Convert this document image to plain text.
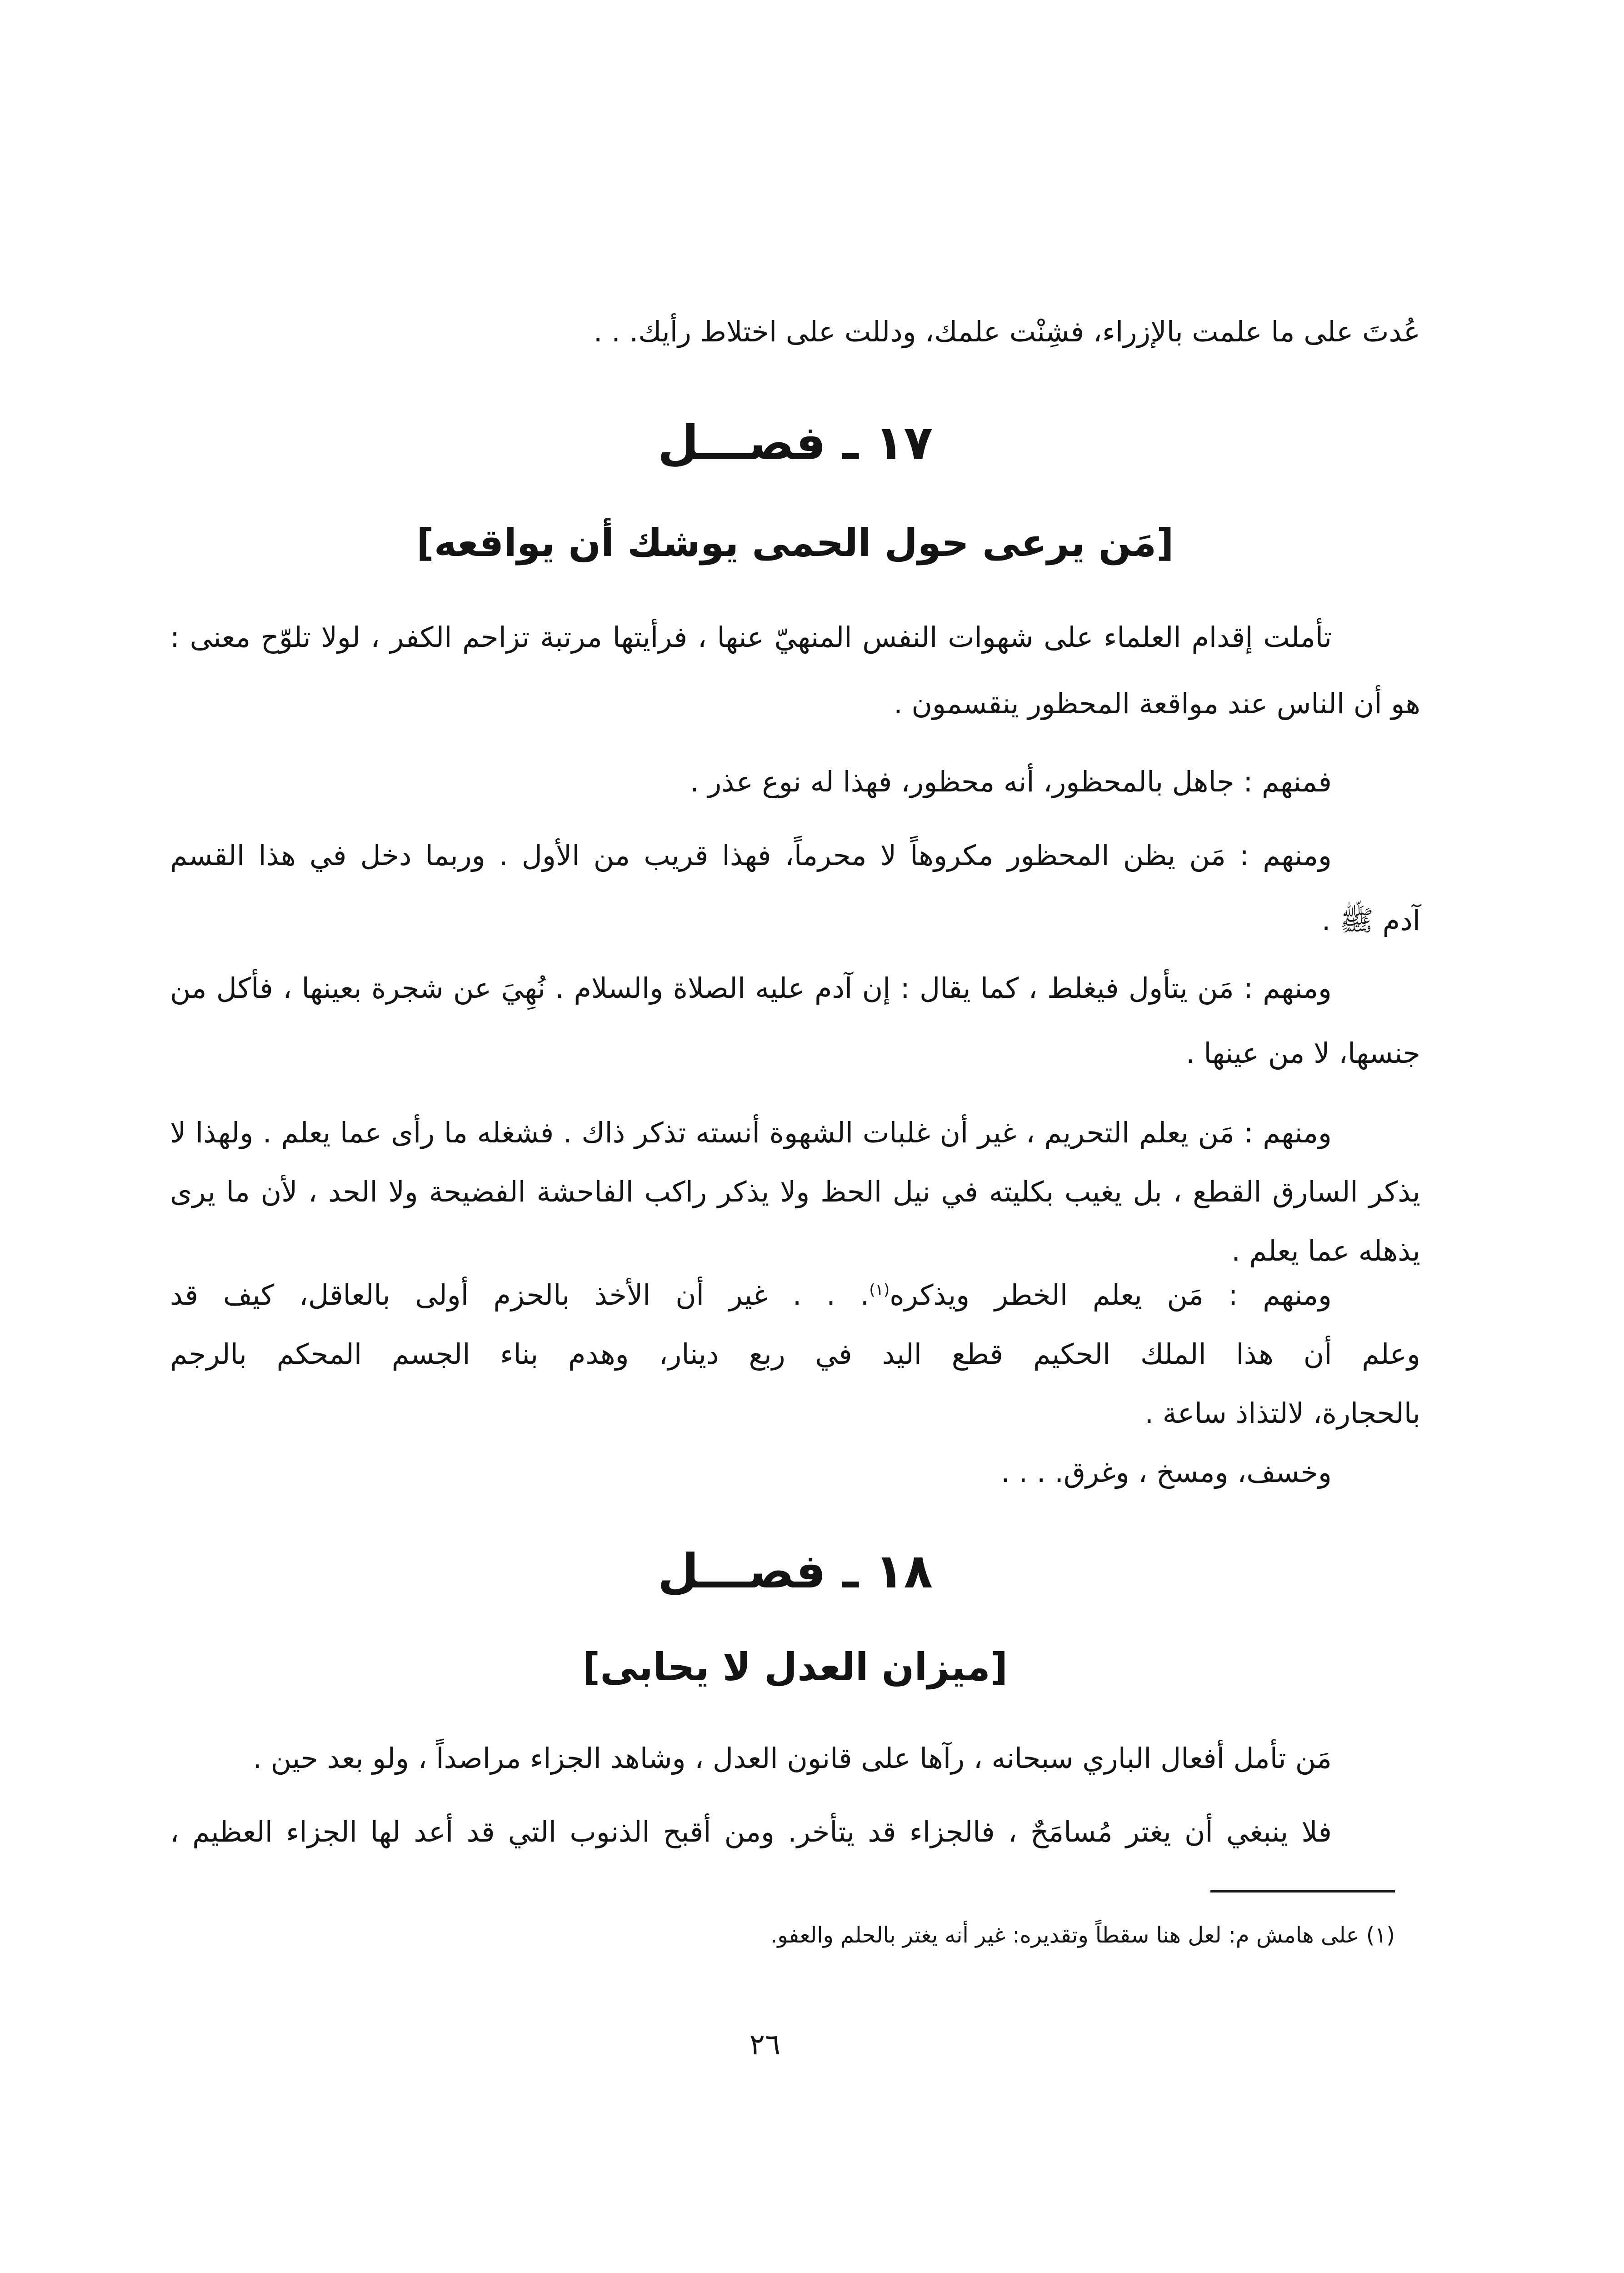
عُدتَ على ما علمت بالإزراء، فشِنْت علمك، ودللت على اختلاط رأيك. . .
١٧ ـ فصـــل
[مَن يرعى حول الحمى يوشك أن يواقعه]
تأملت إقدام العلماء على شهوات النفس المنهيّ عنها ، فرأيتها مرتبة تزاحم الكفر ، لولا تلوّح معنى :
هو أن الناس عند مواقعة المحظور ينقسمون .
فمنهم : جاهل بالمحظور، أنه محظور، فهذا له نوع عذر .
ومنهم : مَن يظن المحظور مكروهاً لا محرماً، فهذا قريب من الأول . وربما دخل في هذا القسم
آدم ﷺ .
ومنهم : مَن يتأول فيغلط ، كما يقال : إن آدم عليه الصلاة والسلام . نُهِيَ عن شجرة بعينها ، فأكل من
جنسها، لا من عينها .
ومنهم : مَن يعلم التحريم ، غير أن غلبات الشهوة أنسته تذكر ذاك . فشغله ما رأى عما يعلم . ولهذا لا
يذكر السارق القطع ، بل يغيب بكليته في نيل الحظ ولا يذكر راكب الفاحشة الفضيحة ولا الحد ، لأن ما يرى
يذهله عما يعلم .
ومنهم : مَن يعلم الخطر ويذكره$^{(١)}$. . . غير أن الأخذ بالحزم أولى بالعاقل، كيف قد
وعلم أن هذا الملك الحكيم قطع اليد في ربع دينار، وهدم بناء الجسم المحكم بالرجم
بالحجارة، لالتذاذ ساعة .
وخسف، ومسخ ، وغرق. . . .
١٨ ـ فصـــل
[ميزان العدل لا يحابى]
مَن تأمل أفعال الباري سبحانه ، رآها على قانون العدل ، وشاهد الجزاء مراصداً ، ولو بعد حين .
فلا ينبغي أن يغتر مُسامَحٌ ، فالجزاء قد يتأخر. ومن أقبح الذنوب التي قد أعد لها الجزاء العظيم ،
(١) على هامش م: لعل هنا سقطاً وتقديره: غير أنه يغتر بالحلم والعفو.
٢٦
